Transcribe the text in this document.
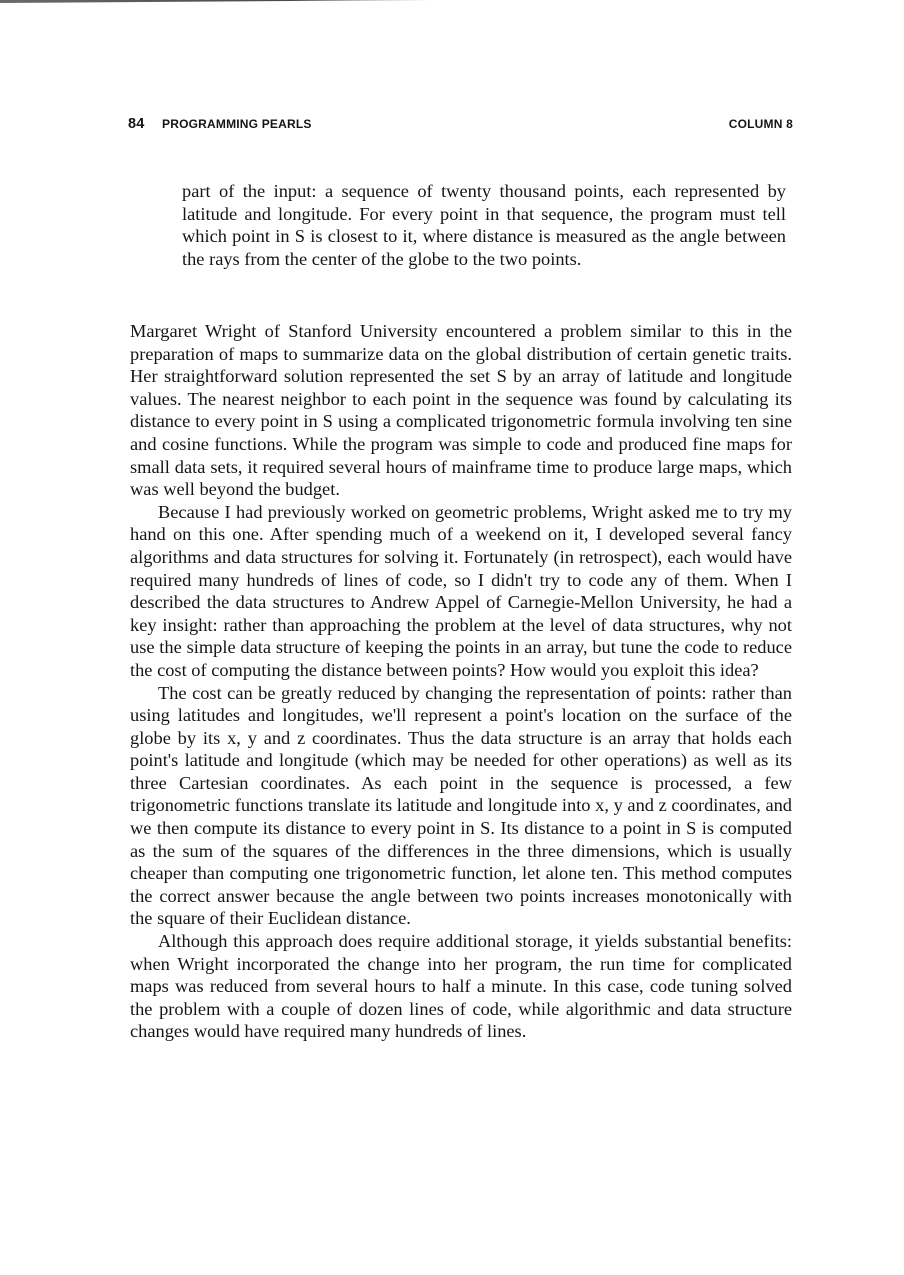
84 PROGRAMMING PEARLS	COLUMN 8

part of the input: a sequence of twenty thousand points, each represented by latitude and longitude. For every point in that sequence, the program must tell which point in S is closest to it, where distance is measured as the angle between the rays from the center of the globe to the two points.

Margaret Wright of Stanford University encountered a problem similar to this in the preparation of maps to summarize data on the global distribution of certain genetic traits. Her straightforward solution represented the set S by an array of latitude and longitude values. The nearest neighbor to each point in the sequence was found by calculating its distance to every point in S using a complicated trigonometric formula involving ten sine and cosine functions. While the program was simple to code and produced fine maps for small data sets, it required several hours of mainframe time to produce large maps, which was well beyond the budget.

Because I had previously worked on geometric problems, Wright asked me to try my hand on this one. After spending much of a weekend on it, I developed several fancy algorithms and data structures for solving it. Fortunately (in retrospect), each would have required many hundreds of lines of code, so I didn't try to code any of them. When I described the data structures to Andrew Appel of Carnegie-Mellon University, he had a key insight: rather than approaching the problem at the level of data structures, why not use the simple data structure of keeping the points in an array, but tune the code to reduce the cost of computing the distance between points? How would you exploit this idea?

The cost can be greatly reduced by changing the representation of points: rather than using latitudes and longitudes, we'll represent a point's location on the surface of the globe by its x, y and z coordinates. Thus the data structure is an array that holds each point's latitude and longitude (which may be needed for other operations) as well as its three Cartesian coordinates. As each point in the sequence is processed, a few trigonometric functions translate its latitude and longitude into x, y and z coordinates, and we then compute its distance to every point in S. Its distance to a point in S is computed as the sum of the squares of the differences in the three dimensions, which is usually cheaper than computing one trigonometric function, let alone ten. This method computes the correct answer because the angle between two points increases monotonically with the square of their Euclidean distance.

Although this approach does require additional storage, it yields substantial benefits: when Wright incorporated the change into her program, the run time for complicated maps was reduced from several hours to half a minute. In this case, code tuning solved the problem with a couple of dozen lines of code, while algorithmic and data structure changes would have required many hundreds of lines.
